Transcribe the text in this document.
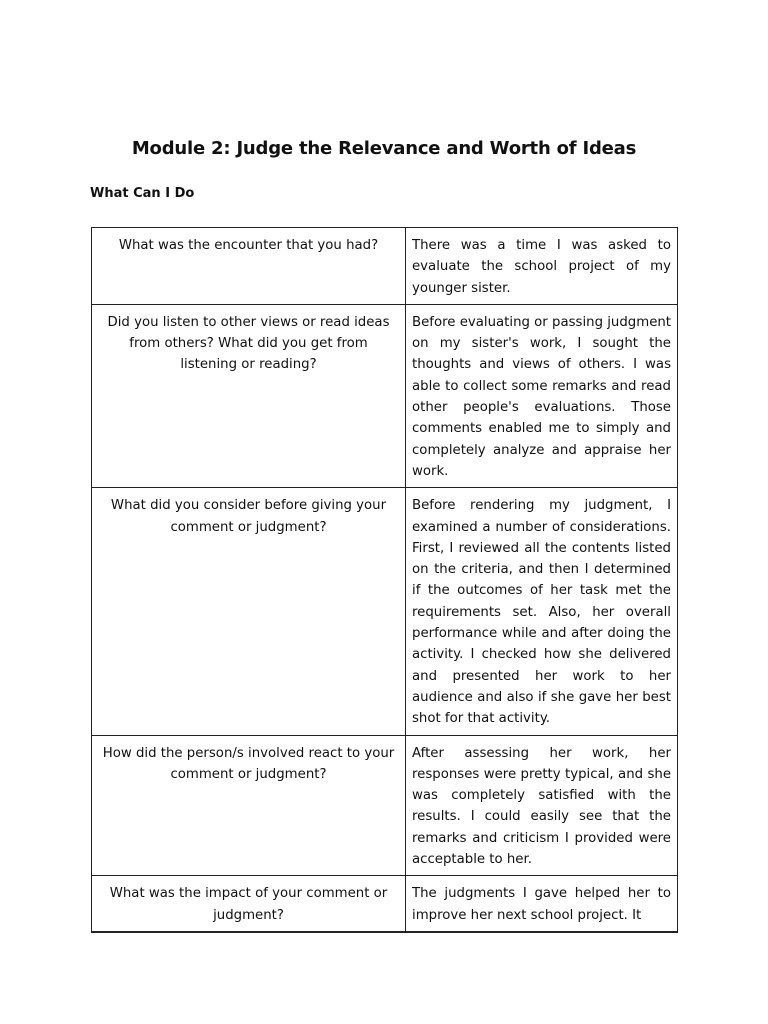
Module 2: Judge the Relevance and Worth of Ideas
What Can I Do
What was the encounter that you had?	There was a time I was asked to evaluate the school project of my younger sister.
Did you listen to other views or read ideas from others? What did you get from listening or reading?	Before evaluating or passing judgment on my sister's work, I sought the thoughts and views of others. I was able to collect some remarks and read other people's evaluations. Those comments enabled me to simply and completely analyze and appraise her work.
What did you consider before giving your comment or judgment?	Before rendering my judgment, I examined a number of considerations. First, I reviewed all the contents listed on the criteria, and then I determined if the outcomes of her task met the requirements set. Also, her overall performance while and after doing the activity. I checked how she delivered and presented her work to her audience and also if she gave her best shot for that activity.
How did the person/s involved react to your comment or judgment?	After assessing her work, her responses were pretty typical, and she was completely satisfied with the results. I could easily see that the remarks and criticism I provided were acceptable to her.
What was the impact of your comment or judgment?	The judgments I gave helped her to improve her next school project. It
